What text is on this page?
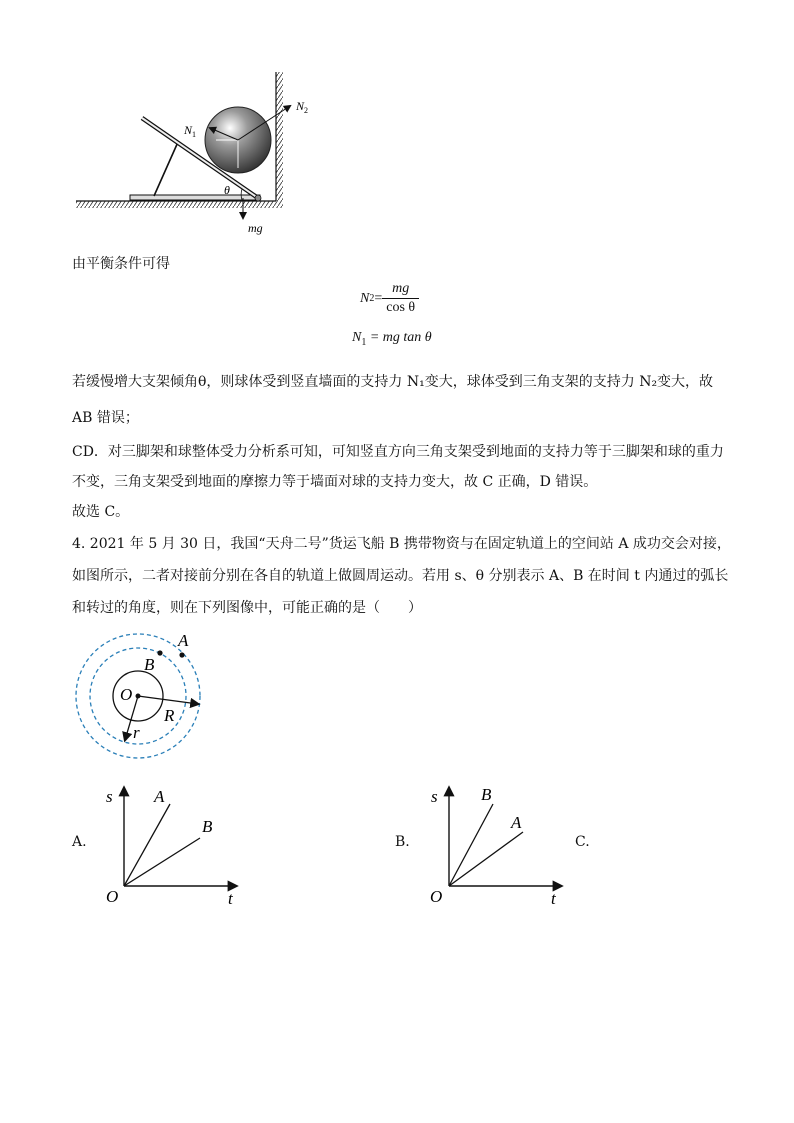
$N_2$
$N_1$
θ
mg
由平衡条件可得
N $2 = \frac{mg}{\text{cos θ}}$
$N_1$ = mg tan θ
若缓慢增大支架倾角θ，则球体受到竖直墙面的支持力 N₁变大，球体受到三角支架的支持力 N₂变大，故
AB 错误；
CD．对三脚架和球整体受力分析系可知，可知竖直方向三角支架受到地面的支持力等于三脚架和球的重力
不变，三角支架受到地面的摩擦力等于墙面对球的支持力变大，故 C 正确，D 错误。
故选 C。
4. 2021 年 5 月 30 日，我国“天舟二号”货运飞船 B 携带物资与在固定轨道上的空间站 A 成功交会对接，
如图所示，二者对接前分别在各自的轨道上做圆周运动。若用 s、θ 分别表示 A、B 在时间 t 内通过的弧长
和转过的角度，则在下列图像中，可能正确的是（　　）
A
B
O
R
r
A.
s
t
O
A
B
B.
s
t
O
B
A
C.
